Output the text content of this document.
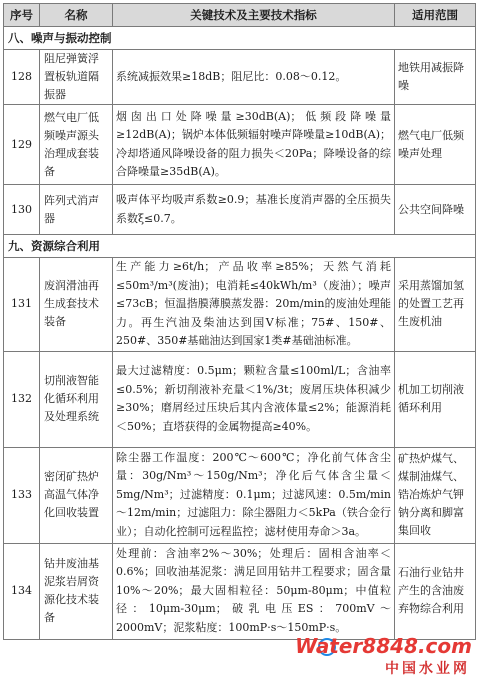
序号	名称	关键技术及主要技术指标	适用范围
八、噪声与振动控制			
128	阻尼弹簧浮置板轨道隔振器	系统减振效果≥18dB；阻尼比：0.08～0.12。	地铁用减振降噪
129	燃气电厂低频噪声源头治理成套装备	烟囱出口处降噪量≥30dB(A)；低频段降噪量≥12dB(A)；锅炉本体低频辐射噪声降噪量≥10dB(A)；冷却塔通风降噪设备的阻力损失＜20Pa；降噪设备的综合降噪量≥35dB(A)。	燃气电厂低频噪声处理
130	阵列式消声器	吸声体平均吸声系数≥0.9；基准长度消声器的全压损失系数ξ≤0.7。	公共空间降噪
九、资源综合利用			
131	废润滑油再生成套技术装备	生产能力≥6t/h；产品收率≥85%；天然气消耗≤50m³/m³(废油)；电消耗≤40kWh/m³（废油）；噪声≤73cB；恒温揩膜薄膜蒸发器：20m/min的废油处理能力。再生汽油及柴油达到国Ⅴ标准；75#、150#、250#、350#基础油达到国家1类#基础油标准。	采用蒸馏加氢的处置工艺再生废机油
132	切削液智能化循环利用及处理系统	最大过滤精度：0.5μm；颗粒含量≤100ml/L；含油率≤0.5%；新切削液补充量＜1%/3t；废屑压块体积减少≥30%；磨屑经过压块后其内含液体量≤2%；能源消耗＜50%；直塔获得的金属物提高≥40%。	机加工切削液循环利用
133	密闭矿热炉高温气体净化回收装置	除尘器工作温度：200℃～600℃；净化前气体含尘量：30g/Nm³～150g/Nm³；净化后气体含尘量＜5mg/Nm³；过滤精度：0.1μm；过滤风速：0.5m/min～12m/min；过滤阻力：除尘器阻力＜5kPa（铁合金行业）；自动化控制可远程监控；滤材使用寿命＞3a。	矿热炉煤气、煤制油煤气、锆冶炼炉气钾钠分离和脚富集回收
134	钻井废油基泥浆岩屑资源化技术装备	处理前：含油率2%～30%；处理后：固相含油率＜0.6%；回收油基泥浆：满足回用钻井工程要求；固含量10%～20%；最大固相粒径：50μm-80μm；中值粒径：10μm-30μm；破乳电压ES：700mV～2000mV；泥浆粘度：100mP·s～150mP·s。	石油行业钻井产生的含油废弃物综合利用
Water8848.com
中国水业网
